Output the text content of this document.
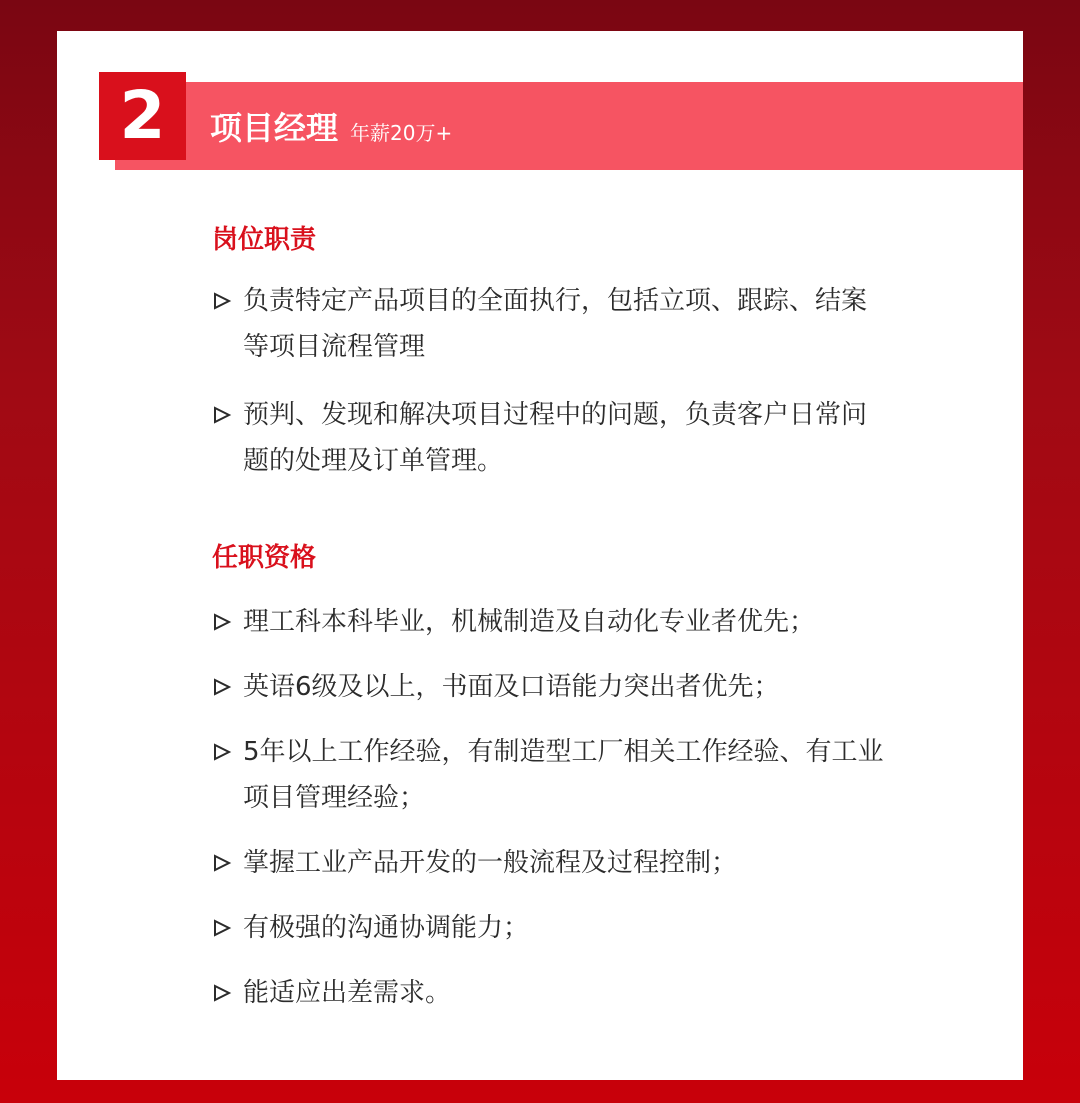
2	项目经理 年薪20万+
岗位职责
负责特定产品项目的全面执行，包括立项、跟踪、结案
等项目流程管理
预判、发现和解决项目过程中的问题，负责客户日常问
题的处理及订单管理。
任职资格
理工科本科毕业，机械制造及自动化专业者优先；
英语6级及以上，书面及口语能力突出者优先；
5年以上工作经验，有制造型工厂相关工作经验、有工业
项目管理经验；
掌握工业产品开发的一般流程及过程控制；
有极强的沟通协调能力；
能适应出差需求。
